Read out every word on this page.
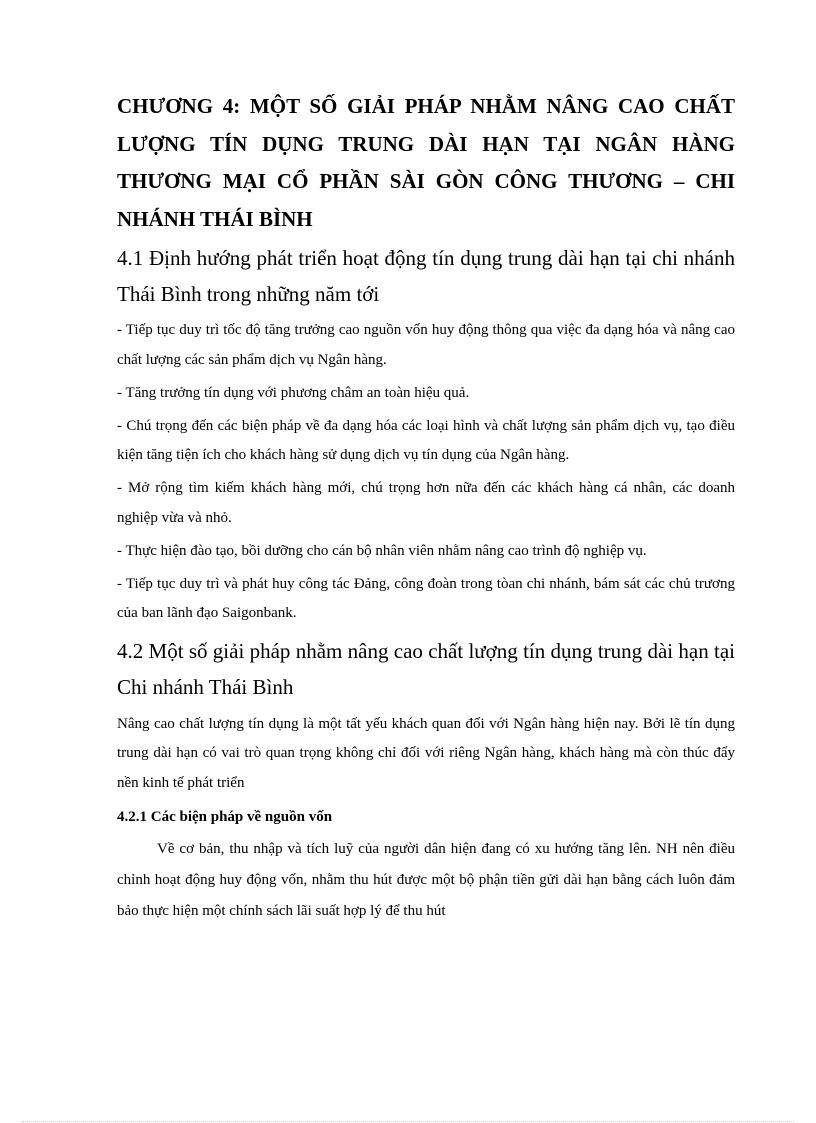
CHƯƠNG 4: MỘT SỐ GIẢI PHÁP NHẰM NÂNG CAO CHẤT LƯỢNG TÍN DỤNG TRUNG DÀI HẠN TẠI NGÂN HÀNG THƯƠNG MẠI CỔ PHẦN SÀI GÒN CÔNG THƯƠNG – CHI NHÁNH THÁI BÌNH
4.1 Định hướng phát triển hoạt động tín dụng trung dài hạn tại chi nhánh Thái Bình trong những năm tới
- Tiếp tục duy trì tốc độ tăng trưởng cao nguồn vốn huy động thông qua việc đa dạng hóa và nâng cao chất lượng các sản phẩm dịch vụ Ngân hàng.
- Tăng trưởng tín dụng với phương châm an toàn hiệu quả.
- Chú trọng đến các biện pháp về đa dạng hóa các loại hình và chất lượng sản phẩm dịch vụ, tạo điều kiện tăng tiện ích cho khách hàng sử dụng dịch vụ tín dụng của Ngân hàng.
- Mở rộng tìm kiếm khách hàng mới, chú trọng hơn nữa đến các khách hàng cá nhân, các doanh nghiệp vừa và nhỏ.
- Thực hiện đào tạo, bồi dưỡng cho cán bộ nhân viên nhằm nâng cao trình độ nghiệp vụ.
- Tiếp tục duy trì và phát huy công tác Đảng, công đoàn trong tòan chi nhánh, bám sát các chủ trương của ban lãnh đạo Saigonbank.
4.2 Một số giải pháp nhằm nâng cao chất lượng tín dụng trung dài hạn tại Chi nhánh Thái Bình

Nâng cao chất lượng tín dụng là một tất yếu khách quan đối với Ngân hàng hiện nay. Bởi lẽ tín dụng trung dài hạn có vai trò quan trọng không chỉ đối với riêng Ngân hàng, khách hàng mà còn thúc đẩy nền kinh tế phát triển

4.2.1 Các biện pháp về nguồn vốn

Về cơ bản, thu nhập và tích luỹ của người dân hiện đang có xu hướng tăng lên. NH nên điều chỉnh hoạt động huy động vốn, nhằm thu hút được một bộ phận tiền gửi dài hạn bằng cách luôn đảm bảo thực hiện một chính sách lãi suất hợp lý để thu hút
